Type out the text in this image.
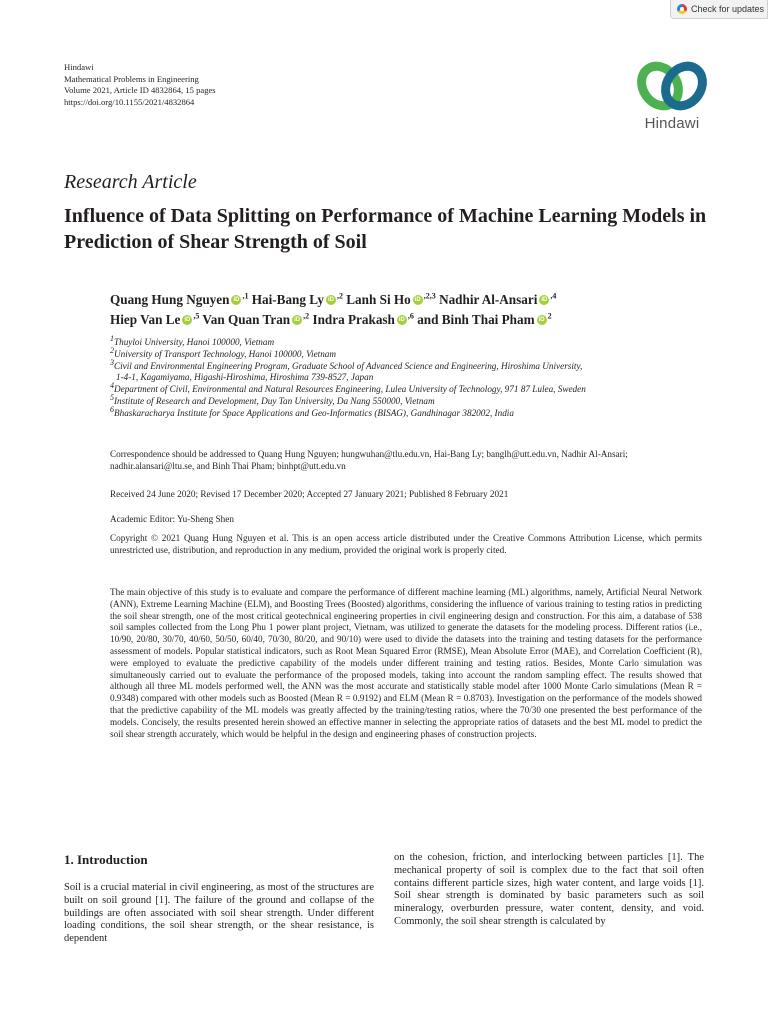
Check for updates
Hindawi
Mathematical Problems in Engineering
Volume 2021, Article ID 4832864, 15 pages
https://doi.org/10.1155/2021/4832864
Hindawi
Research Article
Influence of Data Splitting on Performance of Machine Learning Models in Prediction of Shear Strength of Soil
Quang Hung Nguyen iD $^{,1}$ Hai-Bang Ly iD $^{,2}$ Lanh Si Ho iD $^{,2,3}$ Nadhir Al-Ansari iD $^{,4}$
Hiep Van Le iD $^{,5}$ Van Quan Tran iD $^{,2}$ Indra Prakash iD $^{,6}$ and Binh Thai Pham iD $^2$
$^1$Thuyloi University, Hanoi 100000, Vietnam
$^2$University of Transport Technology, Hanoi 100000, Vietnam
$^3$Civil and Environmental Engineering Program, Graduate School of Advanced Science and Engineering, Hiroshima University,
1-4-1, Kagamiyama, Higashi-Hiroshima, Hiroshima 739-8527, Japan
$^4$Department of Civil, Environmental and Natural Resources Engineering, Lulea University of Technology, 971 87 Lulea, Sweden
$^5$Institute of Research and Development, Duy Tan University, Da Nang 550000, Vietnam
$^6$Bhaskaracharya Institute for Space Applications and Geo-Informatics (BISAG), Gandhinagar 382002, India
Correspondence should be addressed to Quang Hung Nguyen; hungwuhan@tlu.edu.vn, Hai-Bang Ly; banglh@utt.edu.vn, Nadhir Al-Ansari; nadhir.alansari@ltu.se, and Binh Thai Pham; binhpt@utt.edu.vn
Received 24 June 2020; Revised 17 December 2020; Accepted 27 January 2021; Published 8 February 2021
Academic Editor: Yu-Sheng Shen
Copyright © 2021 Quang Hung Nguyen et al. This is an open access article distributed under the Creative Commons Attribution License, which permits unrestricted use, distribution, and reproduction in any medium, provided the original work is properly cited.
The main objective of this study is to evaluate and compare the performance of different machine learning (ML) algorithms, namely, Artificial Neural Network (ANN), Extreme Learning Machine (ELM), and Boosting Trees (Boosted) algorithms, considering the influence of various training to testing ratios in predicting the soil shear strength, one of the most critical geotechnical engineering properties in civil engineering design and construction. For this aim, a database of 538 soil samples collected from the Long Phu 1 power plant project, Vietnam, was utilized to generate the datasets for the modeling process. Different ratios (i.e., 10/90, 20/80, 30/70, 40/60, 50/50, 60/40, 70/30, 80/20, and 90/10) were used to divide the datasets into the training and testing datasets for the performance assessment of models. Popular statistical indicators, such as Root Mean Squared Error (RMSE), Mean Absolute Error (MAE), and Correlation Coefficient (R), were employed to evaluate the predictive capability of the models under different training and testing ratios. Besides, Monte Carlo simulation was simultaneously carried out to evaluate the performance of the proposed models, taking into account the random sampling effect. The results showed that although all three ML models performed well, the ANN was the most accurate and statistically stable model after 1000 Monte Carlo simulations (Mean R = 0.9348) compared with other models such as Boosted (Mean R = 0.9192) and ELM (Mean R = 0.8703). Investigation on the performance of the models showed that the predictive capability of the ML models was greatly affected by the training/testing ratios, where the 70/30 one presented the best performance of the models. Concisely, the results presented herein showed an effective manner in selecting the appropriate ratios of datasets and the best ML model to predict the soil shear strength accurately, which would be helpful in the design and engineering phases of construction projects.
1. Introduction
Soil is a crucial material in civil engineering, as most of the structures are built on soil ground [1]. The failure of the ground and collapse of the buildings are often associated with soil shear strength. Under different loading conditions, the soil shear strength, or the shear resistance, is dependent
on the cohesion, friction, and interlocking between particles [1]. The mechanical property of soil is complex due to the fact that soil often contains different particle sizes, high water content, and large voids [1]. Soil shear strength is dominated by basic parameters such as soil mineralogy, overburden pressure, water content, density, and void. Commonly, the soil shear strength is calculated by
